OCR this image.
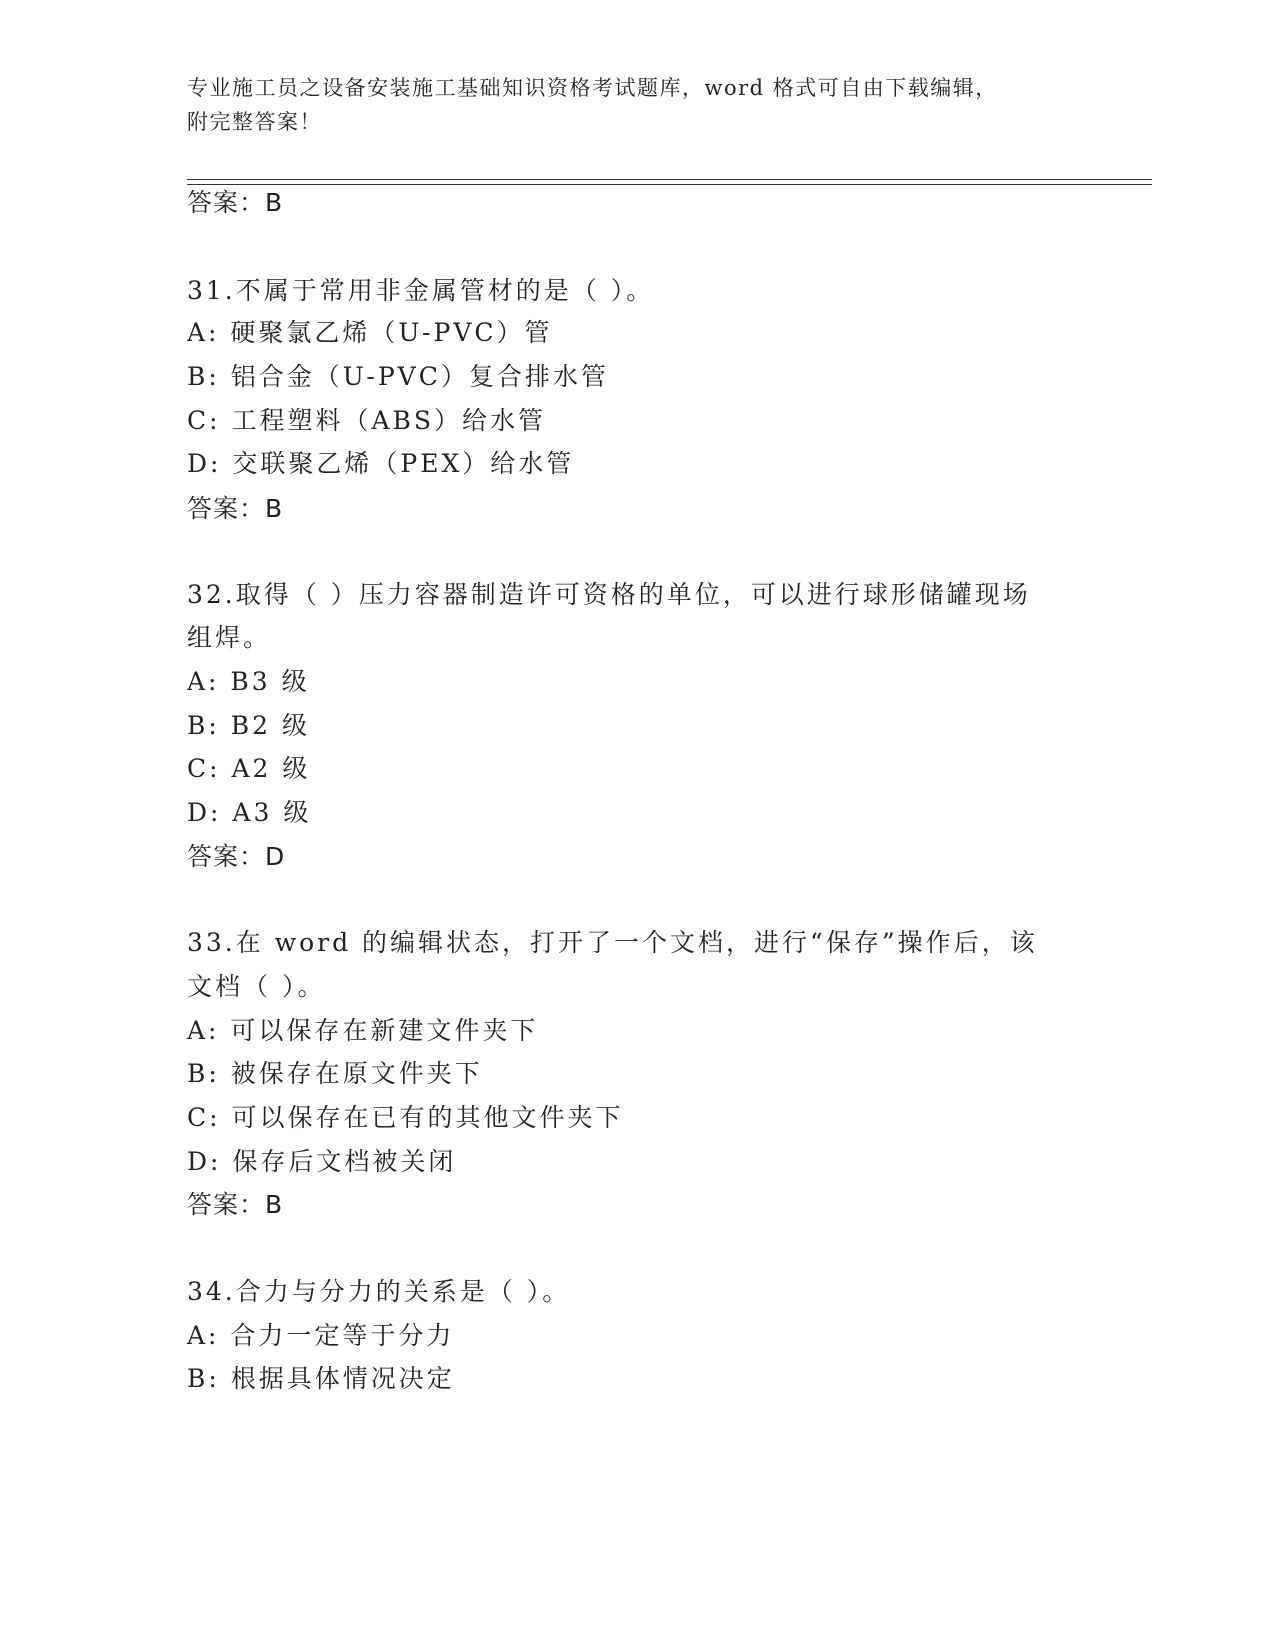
专业施工员之设备安装施工基础知识资格考试题库，word 格式可自由下载编辑，
附完整答案！
答案：B
31.不属于常用非金属管材的是（ ）。
A: 硬聚氯乙烯（U-PVC）管
B: 铝合金（U-PVC）复合排水管
C: 工程塑料（ABS）给水管
D: 交联聚乙烯（PEX）给水管
答案：B
32.取得（ ）压力容器制造许可资格的单位，可以进行球形储罐现场
组焊。
A: B3 级
B: B2 级
C: A2 级
D: A3 级
答案：D
33.在 word 的编辑状态，打开了一个文档，进行“保存”操作后，该
文档（ ）。
A: 可以保存在新建文件夹下
B: 被保存在原文件夹下
C: 可以保存在已有的其他文件夹下
D: 保存后文档被关闭
答案：B
34.合力与分力的关系是（ ）。
A: 合力一定等于分力
B: 根据具体情况决定
